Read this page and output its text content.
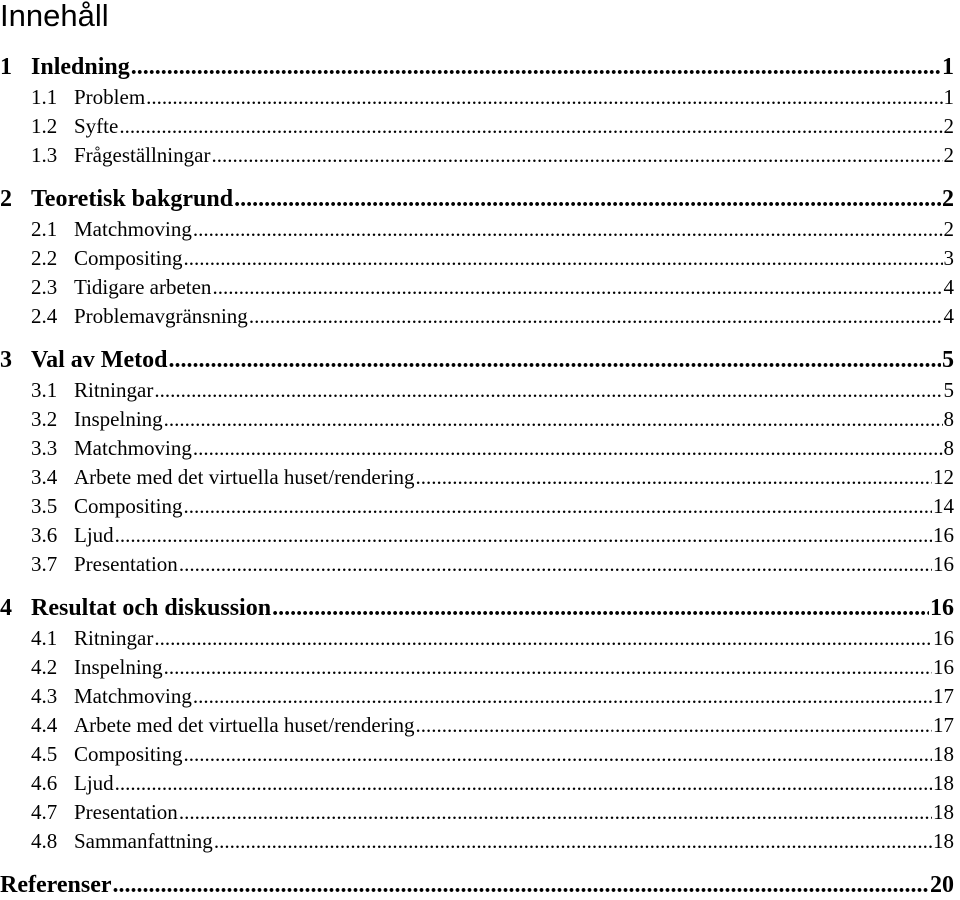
Innehåll
1 Inledning .....	1
1.1 Problem .....	1
1.2 Syfte .....	2
1.3 Frågeställningar .....	2
2 Teoretisk bakgrund .....	2
2.1 Matchmoving .....	2
2.2 Compositing .....	3
2.3 Tidigare arbeten .....	4
2.4 Problemavgränsning .....	4
3 Val av Metod .....	5
3.1 Ritningar .....	5
3.2 Inspelning .....	8
3.3 Matchmoving .....	8
3.4 Arbete med det virtuella huset/rendering .....	12
3.5 Compositing .....	14
3.6 Ljud .....	16
3.7 Presentation .....	16
4 Resultat och diskussion .....	16
4.1 Ritningar .....	16
4.2 Inspelning .....	16
4.3 Matchmoving .....	17
4.4 Arbete med det virtuella huset/rendering .....	17
4.5 Compositing .....	18
4.6 Ljud .....	18
4.7 Presentation .....	18
4.8 Sammanfattning .....	18
Referenser .....	20
